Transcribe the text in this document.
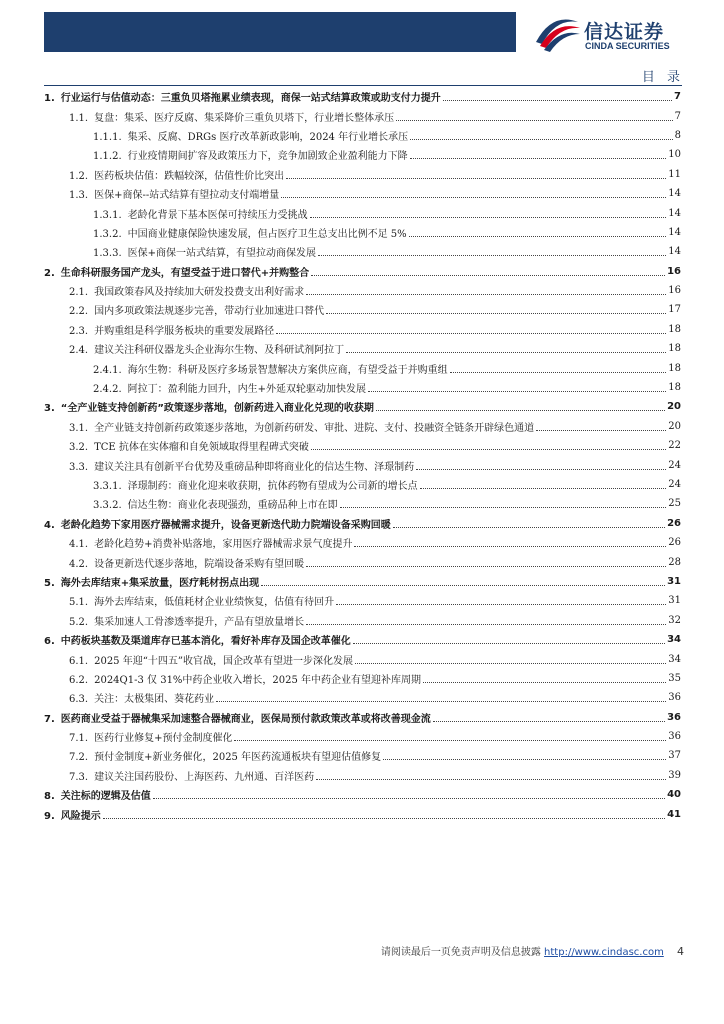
信达证券
CINDA SECURITIES
目 录
1. 行业运行与估值动态：三重负贝塔拖累业绩表现，商保一站式结算政策或助支付力提升	7
1.1. 复盘：集采、医疗反腐、集采降价三重负贝塔下，行业增长整体承压	7
1.1.1. 集采、反腐、DRGs 医疗改革新政影响，2024 年行业增长承压	8
1.1.2. 行业疫情期间扩容及政策压力下，竞争加剧致企业盈利能力下降	10
1.2. 医药板块估值：跌幅较深，估值性价比突出	11
1.3. 医保+商保--站式结算有望拉动支付端增量	14
1.3.1. 老龄化背景下基本医保可持续压力受挑战	14
1.3.2. 中国商业健康保险快速发展，但占医疗卫生总支出比例不足 5%	14
1.3.3. 医保+商保一站式结算，有望拉动商保发展	14
2. 生命科研服务国产龙头，有望受益于进口替代+并购整合	16
2.1. 我国政策春风及持续加大研发投费支出利好需求	16
2.2. 国内多项政策法规逐步完善，带动行业加速进口替代	17
2.3. 并购重组是科学服务板块的重要发展路径	18
2.4. 建议关注科研仪器龙头企业海尔生物、及科研试剂阿拉丁	18
2.4.1. 海尔生物：科研及医疗多场景智慧解决方案供应商，有望受益于并购重组	18
2.4.2. 阿拉丁：盈利能力回升，内生+外延双轮驱动加快发展	18
3. “全产业链支持创新药”政策逐步落地，创新药进入商业化兑现的收获期	20
3.1. 全产业链支持创新药政策逐步落地，为创新药研发、审批、进院、支付、投融资全链条开辟绿色通道	20
3.2. TCE 抗体在实体瘤和自免领域取得里程碑式突破	22
3.3. 建议关注具有创新平台优势及重磅品种即将商业化的信达生物、泽璟制药	24
3.3.1. 泽璟制药：商业化迎来收获期，抗体药物有望成为公司新的增长点	24
3.3.2. 信达生物：商业化表现强劲，重磅品种上市在即	25
4. 老龄化趋势下家用医疗器械需求提升，设备更新迭代助力院端设备采购回暖	26
4.1. 老龄化趋势+消费补贴落地，家用医疗器械需求景气度提升	26
4.2. 设备更新迭代逐步落地，院端设备采购有望回暖	28
5. 海外去库结束+集采放量，医疗耗材拐点出现	31
5.1. 海外去库结束，低值耗材企业业绩恢复，估值有待回升	31
5.2. 集采加速人工骨渗透率提升，产品有望放量增长	32
6. 中药板块基数及渠道库存已基本消化，看好补库存及国企改革催化	34
6.1. 2025 年迎“十四五”收官战，国企改革有望进一步深化发展	34
6.2. 2024Q1-3 仅 31%中药企业收入增长，2025 年中药企业有望迎补库周期	35
6.3. 关注：太极集团、葵花药业	36
7. 医药商业受益于器械集采加速整合器械商业，医保局预付款政策改革或将改善现金流	36
7.1. 医药行业修复+预付金制度催化	36
7.2. 预付金制度+新业务催化，2025 年医药流通板块有望迎估值修复	37
7.3. 建议关注国药股份、上海医药、九州通、百洋医药	39
8. 关注标的逻辑及估值	40
9. 风险提示	41
请阅读最后一页免责声明及信息披露 http://www.cindasc.com 4
